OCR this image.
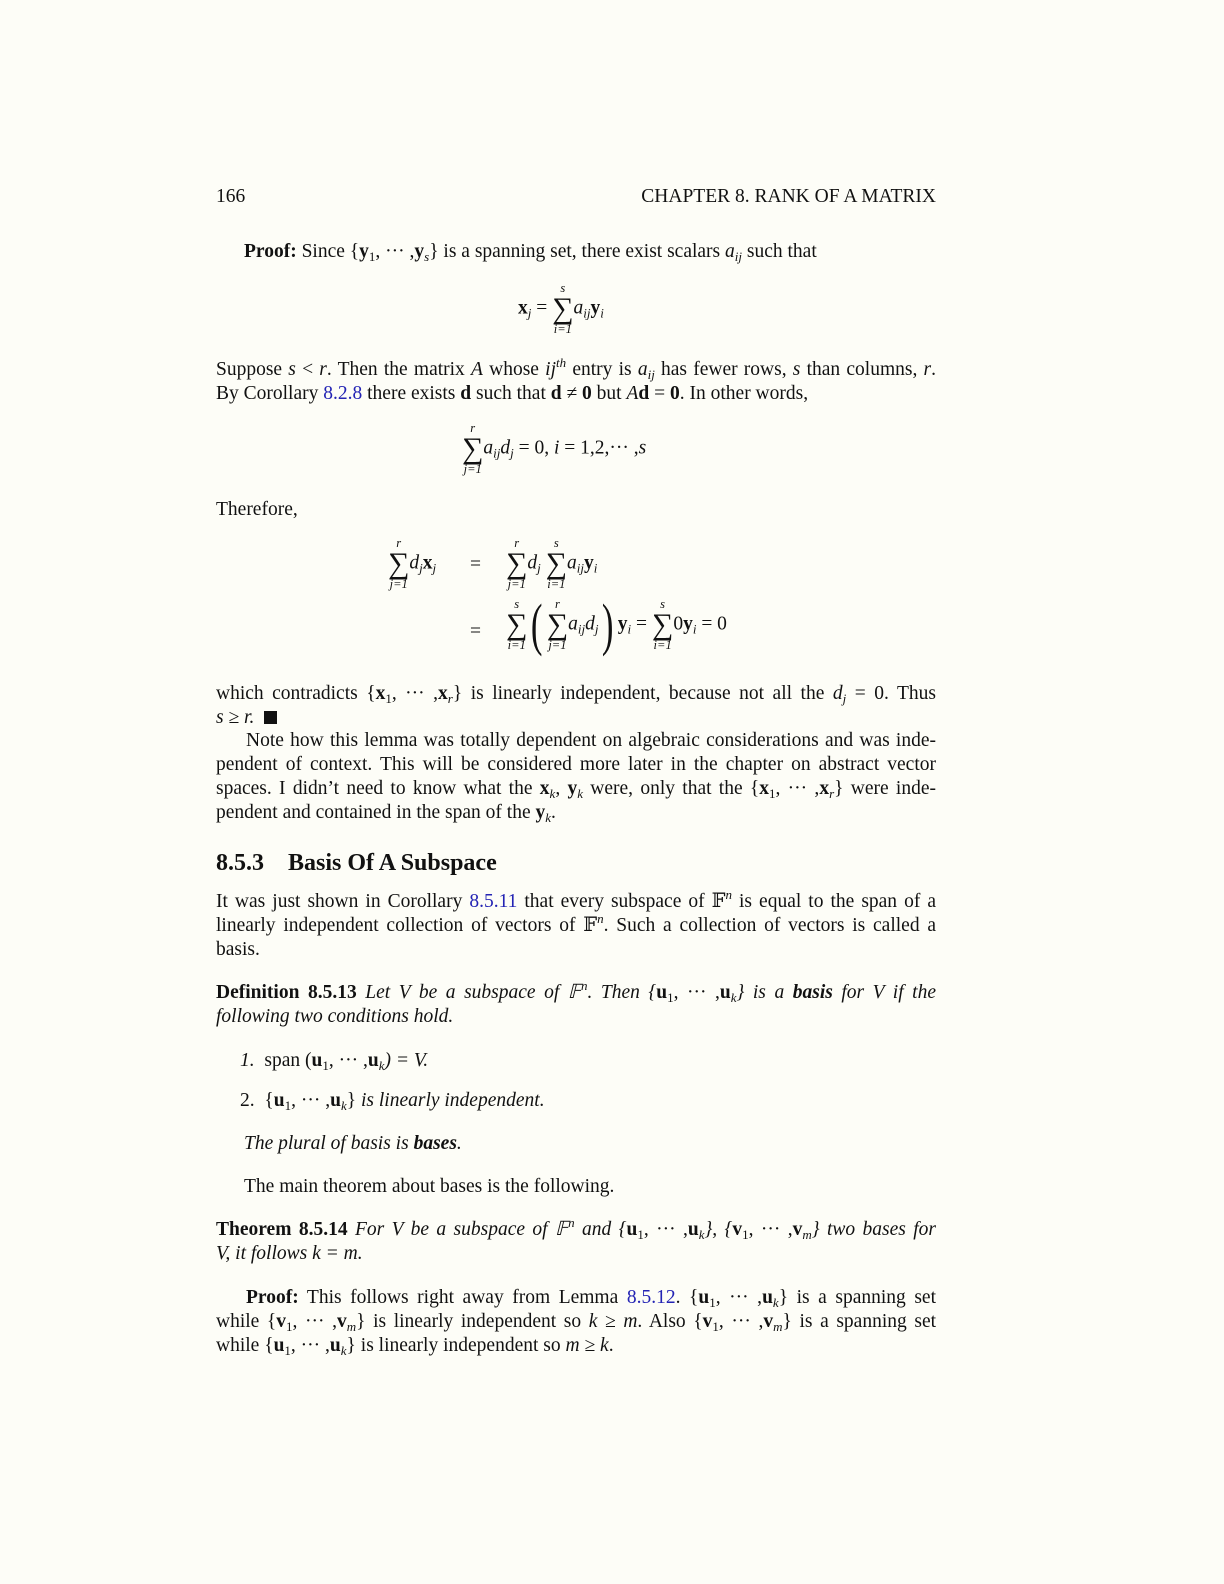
166	CHAPTER 8. RANK OF A MATRIX
Proof: Since {$y_1$, ··· $,y_s$} is a spanning set, there exist scalars $a_{ij}$ such that
$x_j$ =
s
∑
i=1
$a_{ij}y_i$
Suppose s < r. Then the matrix A whose $ij^{th}$ entry is $a_{ij}$ has fewer rows, s than columns, r.
By Corollary 8.2.8 there exists d such that d ≠ 0 but Ad = 0. In other words,
r
∑
j=1
$a_{ij}d_j = 0$, i = 1,2,··· ,s
Therefore,
r
∑
j=1
$d_jx_j$ =
r
∑
j=1
$d_j$
s
∑
i=1
$a_{ij}y_i$
=
s
∑
i=1 ( r
∑
j=1
$a_{ij}d_j$) $y_i$ =
s
∑
i=1
$0y_i = 0$
which contradicts {$x_1$, ··· $,x_r$} is linearly independent, because not all the $d_j = 0$. Thus
s ≥ r.
Note how this lemma was totally dependent on algebraic considerations and was inde-
pendent of context. This will be considered more later in the chapter on abstract vector
spaces. I didn’t need to know what the $x_k$, $y_k$ were, only that the {$x_1$, ··· $,x_r$} were inde-
pendent and contained in the span of the $y_k$.
8.5.3 Basis Of A Subspace
It was just shown in Corollary 8.5.11 that every subspace of 𝔽$^n$ is equal to the span of a
linearly independent collection of vectors of 𝔽$^n$. Such a collection of vectors is called a
basis.
Definition 8.5.13 Let V be a subspace of 𝔽$^n$. Then {$u_1$, ··· $,u_k$} is a basis for V if the
following two conditions hold.
1. span ($u_1$, ··· $,u_k) = V$.
2. {$u_1$, ··· $,u_k$} is linearly independent.
The plural of basis is bases.
The main theorem about bases is the following.
Theorem 8.5.14 For V be a subspace of 𝔽$^n$ and {$u_1$, ··· $,u_k$}, {$v_1$, ··· $,v_m$} two bases for
V, it follows k = m.
Proof: This follows right away from Lemma 8.5.12. {$u_1$, ··· $,u_k$} is a spanning set
while {$v_1$, ··· $,v_m$} is linearly independent so k ≥ m. Also {$v_1$, ··· $,v_m$} is a spanning set
while {$u_1$, ··· $,u_k$} is linearly independent so m ≥ k.
